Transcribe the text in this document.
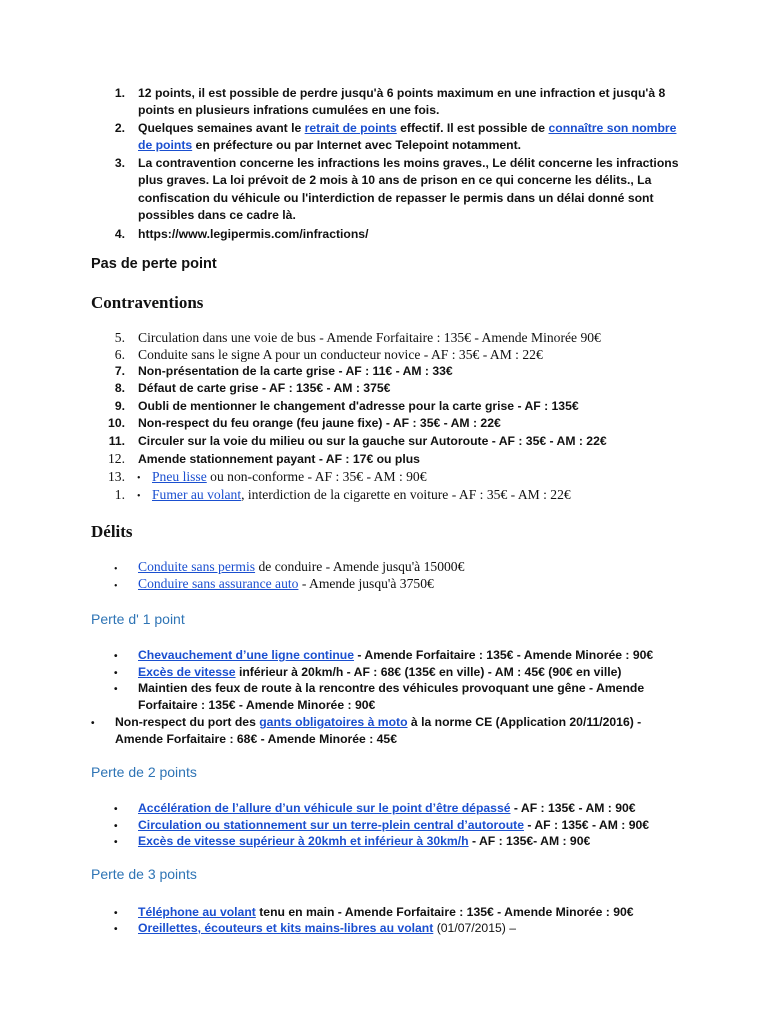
1. 12 points, il est possible de perdre jusqu'à 6 points maximum en une infraction et jusqu'à 8
points en plusieurs infrations cumulées en une fois.
2. Quelques semaines avant le retrait de points effectif. Il est possible de connaître son nombre
de points en préfecture ou par Internet avec Telepoint notamment.
3. La contravention concerne les infractions les moins graves., Le délit concerne les infractions
plus graves. La loi prévoit de 2 mois à 10 ans de prison en ce qui concerne les délits., La
confiscation du véhicule ou l'interdiction de repasser le permis dans un délai donné sont
possibles dans ce cadre là.
4. https://www.legipermis.com/infractions/
Pas de perte point
Contraventions
5. Circulation dans une voie de bus - Amende Forfaitaire : 135€ - Amende Minorée 90€
6. Conduite sans le signe A pour un conducteur novice - AF : 35€ - AM : 22€
7. Non-présentation de la carte grise - AF : 11€ - AM : 33€
8. Défaut de carte grise - AF : 135€ - AM : 375€
9. Oubli de mentionner le changement d'adresse pour la carte grise - AF : 135€
10. Non-respect du feu orange (feu jaune fixe) - AF : 35€ - AM : 22€
11. Circuler sur la voie du milieu ou sur la gauche sur Autoroute - AF : 35€ - AM : 22€
12. Amende stationnement payant - AF : 17€ ou plus
13. • Pneu lisse ou non-conforme - AF : 35€ - AM : 90€
1. • Fumer au volant, interdiction de la cigarette en voiture - AF : 35€ - AM : 22€
Délits
• Conduite sans permis de conduire - Amende jusqu'à 15000€
• Conduire sans assurance auto - Amende jusqu'à 3750€
Perte d' 1 point
• Chevauchement d’une ligne continue - Amende Forfaitaire : 135€ - Amende Minorée : 90€
• Excès de vitesse inférieur à 20km/h - AF : 68€ (135€ en ville) - AM : 45€ (90€ en ville)
• Maintien des feux de route à la rencontre des véhicules provoquant une gêne - Amende
Forfaitaire : 135€ - Amende Minorée : 90€
• Non-respect du port des gants obligatoires à moto à la norme CE (Application 20/11/2016) -
Amende Forfaitaire : 68€ - Amende Minorée : 45€
Perte de 2 points
• Accélération de l’allure d’un véhicule sur le point d’être dépassé - AF : 135€ - AM : 90€
• Circulation ou stationnement sur un terre-plein central d’autoroute - AF : 135€ - AM : 90€
• Excès de vitesse supérieur à 20kmh et inférieur à 30km/h - AF : 135€- AM : 90€
Perte de 3 points
• Téléphone au volant tenu en main - Amende Forfaitaire : 135€ - Amende Minorée : 90€
• Oreillettes, écouteurs et kits mains-libres au volant (01/07/2015) –
